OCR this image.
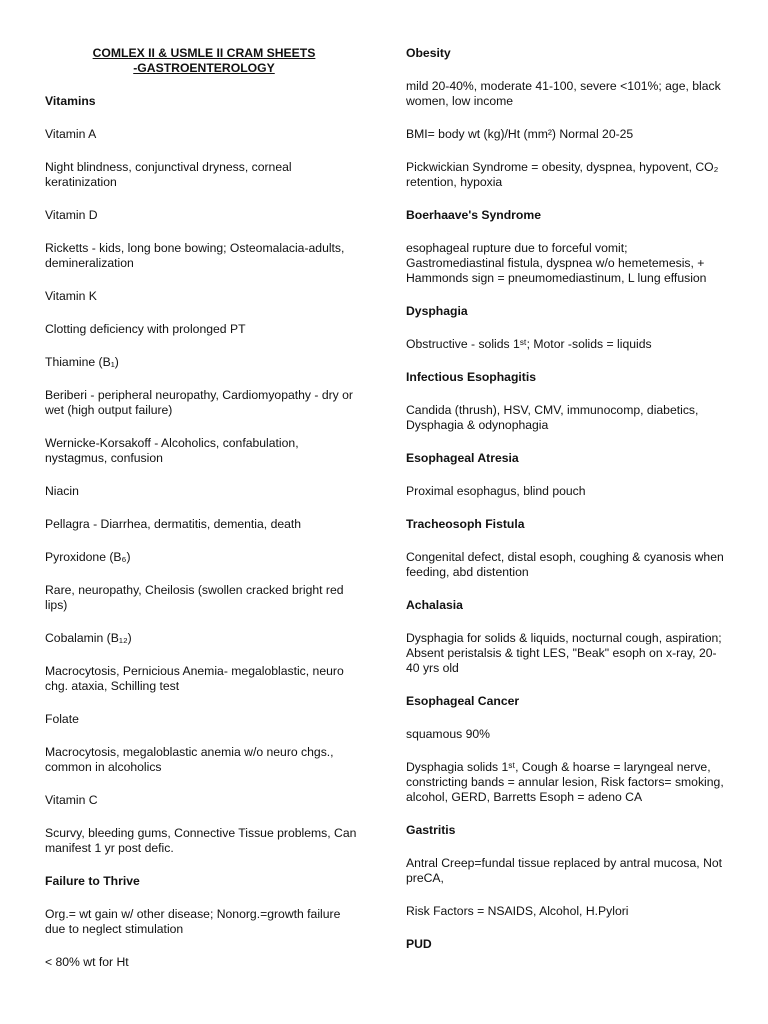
COMLEX II & USMLE II CRAM SHEETS
-GASTROENTEROLOGY
Vitamins
Vitamin A
Night blindness, conjunctival dryness, corneal keratinization
Vitamin D
Ricketts - kids, long bone bowing; Osteomalacia-adults, demineralization
Vitamin K
Clotting deficiency with prolonged PT
Thiamine (B₁)
Beriberi - peripheral neuropathy, Cardiomyopathy - dry or wet (high output failure)
Wernicke-Korsakoff - Alcoholics, confabulation, nystagmus, confusion
Niacin
Pellagra - Diarrhea, dermatitis, dementia, death
Pyroxidone (B₆)
Rare, neuropathy, Cheilosis (swollen cracked bright red lips)
Cobalamin (B₁₂)
Macrocytosis, Pernicious Anemia- megaloblastic, neuro chg. ataxia, Schilling test
Folate
Macrocytosis, megaloblastic anemia w/o neuro chgs., common in alcoholics
Vitamin C
Scurvy, bleeding gums, Connective Tissue problems, Can manifest 1 yr post defic.
Failure to Thrive
Org.= wt gain w/ other disease; Nonorg.=growth failure due to neglect stimulation
< 80% wt for Ht
Obesity
mild 20-40%, moderate 41-100, severe <101%; age, black women, low income
BMI= body wt (kg)/Ht (mm²) Normal 20-25
Pickwickian Syndrome = obesity, dyspnea, hypovent, CO₂ retention, hypoxia
Boerhaave's Syndrome
esophageal rupture due to forceful vomit; Gastromediastinal fistula, dyspnea w/o hemetemesis, + Hammonds sign = pneumomediastinum, L lung effusion
Dysphagia
Obstructive - solids 1ˢᵗ; Motor -solids = liquids
Infectious Esophagitis
Candida (thrush), HSV, CMV, immunocomp, diabetics, Dysphagia & odynophagia
Esophageal Atresia
Proximal esophagus, blind pouch
Tracheosoph Fistula
Congenital defect, distal esoph, coughing & cyanosis when feeding, abd distention
Achalasia
Dysphagia for solids & liquids, nocturnal cough, aspiration; Absent peristalsis & tight LES, "Beak" esoph on x-ray, 20-40 yrs old
Esophageal Cancer
squamous 90%
Dysphagia solids 1ˢᵗ, Cough & hoarse = laryngeal nerve, constricting bands = annular lesion, Risk factors= smoking, alcohol, GERD, Barretts Esoph = adeno CA
Gastritis
Antral Creep=fundal tissue replaced by antral mucosa, Not preCA,
Risk Factors = NSAIDS, Alcohol, H.Pylori
PUD
